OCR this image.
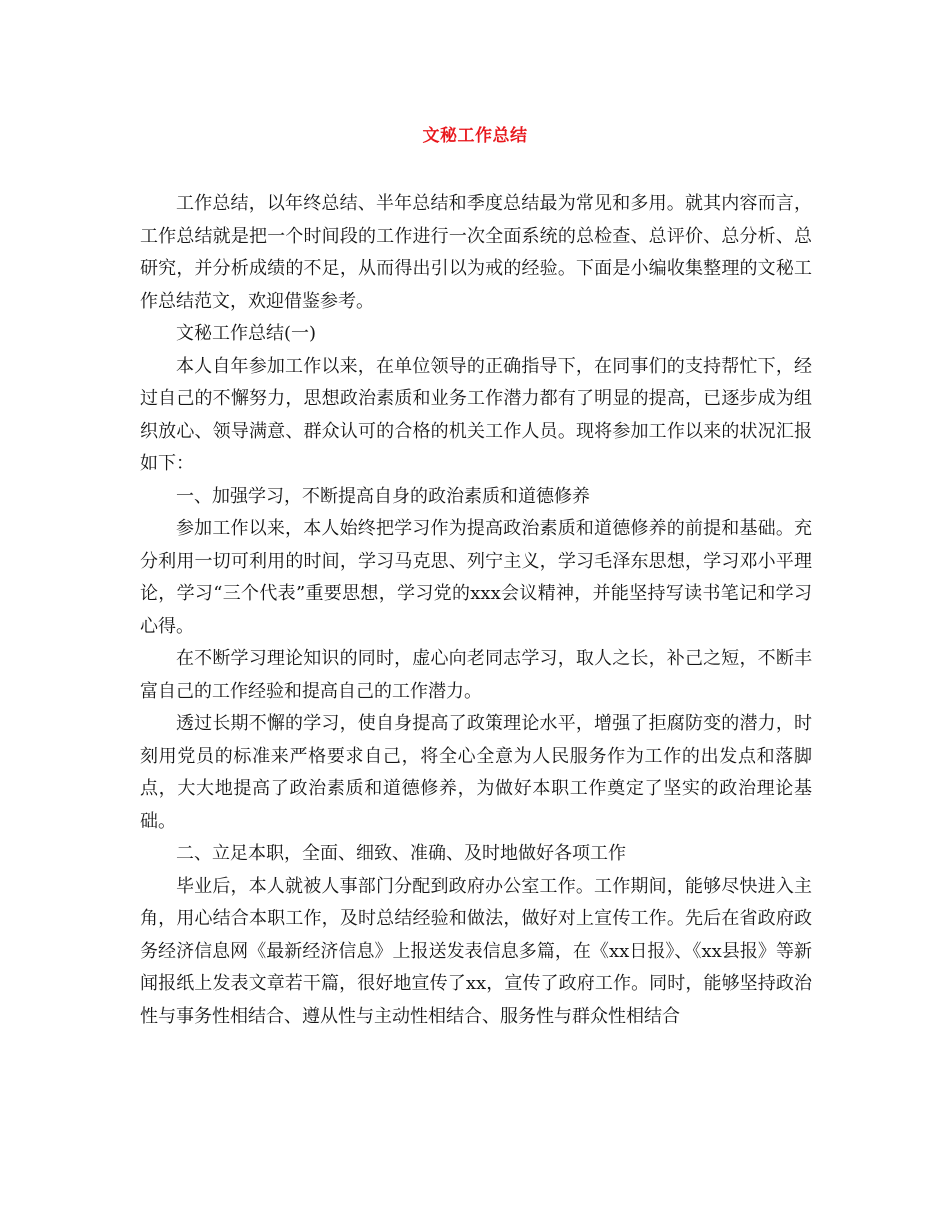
文秘工作总结

工作总结，以年终总结、半年总结和季度总结最为常见和多用。就其内容而言，工作总结就是把一个时间段的工作进行一次全面系统的总检查、总评价、总分析、总研究，并分析成绩的不足，从而得出引以为戒的经验。下面是小编收集整理的文秘工作总结范文，欢迎借鉴参考。

文秘工作总结(一)

本人自年参加工作以来，在单位领导的正确指导下，在同事们的支持帮忙下，经过自己的不懈努力，思想政治素质和业务工作潜力都有了明显的提高，已逐步成为组织放心、领导满意、群众认可的合格的机关工作人员。现将参加工作以来的状况汇报如下：

一、加强学习，不断提高自身的政治素质和道德修养

参加工作以来，本人始终把学习作为提高政治素质和道德修养的前提和基础。充分利用一切可利用的时间，学习马克思、列宁主义，学习毛泽东思想，学习邓小平理论，学习“三个代表”重要思想，学习党的xxx会议精神，并能坚持写读书笔记和学习心得。

在不断学习理论知识的同时，虚心向老同志学习，取人之长，补己之短，不断丰富自己的工作经验和提高自己的工作潜力。

透过长期不懈的学习，使自身提高了政策理论水平，增强了拒腐防变的潜力，时刻用党员的标准来严格要求自己，将全心全意为人民服务作为工作的出发点和落脚点，大大地提高了政治素质和道德修养，为做好本职工作奠定了坚实的政治理论基础。

二、立足本职，全面、细致、准确、及时地做好各项工作

毕业后，本人就被人事部门分配到政府办公室工作。工作期间，能够尽快进入主角，用心结合本职工作，及时总结经验和做法，做好对上宣传工作。先后在省政府政务经济信息网《最新经济信息》上报送发表信息多篇，在《xx日报》、《xx县报》等新闻报纸上发表文章若干篇，很好地宣传了xx，宣传了政府工作。同时，能够坚持政治性与事务性相结合、遵从性与主动性相结合、服务性与群众性相结合
